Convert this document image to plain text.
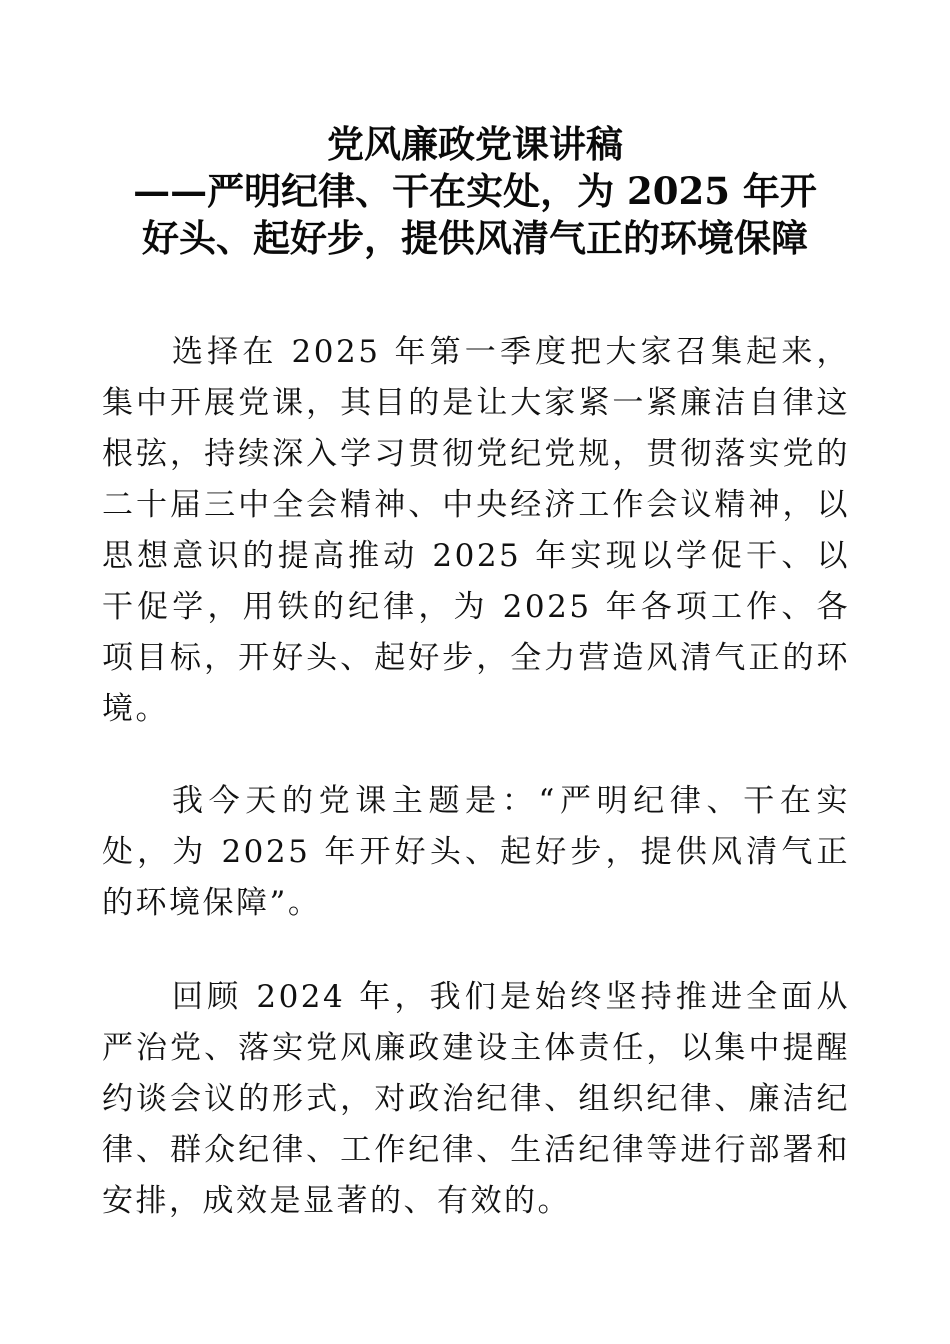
党风廉政党课讲稿
——严明纪律、干在实处，为 2025 年开
好头、起好步，提供风清气正的环境保障

选择在 2025 年第一季度把大家召集起来，集中开展党课，其目的是让大家紧一紧廉洁自律这根弦，持续深入学习贯彻党纪党规，贯彻落实党的二十届三中全会精神、中央经济工作会议精神，以思想意识的提高推动 2025 年实现以学促干、以干促学，用铁的纪律，为 2025 年各项工作、各项目标，开好头、起好步，全力营造风清气正的环境。

我今天的党课主题是：“严明纪律、干在实处，为 2025 年开好头、起好步，提供风清气正的环境保障”。

回顾 2024 年，我们是始终坚持推进全面从严治党、落实党风廉政建设主体责任，以集中提醒约谈会议的形式，对政治纪律、组织纪律、廉洁纪律、群众纪律、工作纪律、生活纪律等进行部署和安排，成效是显著的、有效的。
